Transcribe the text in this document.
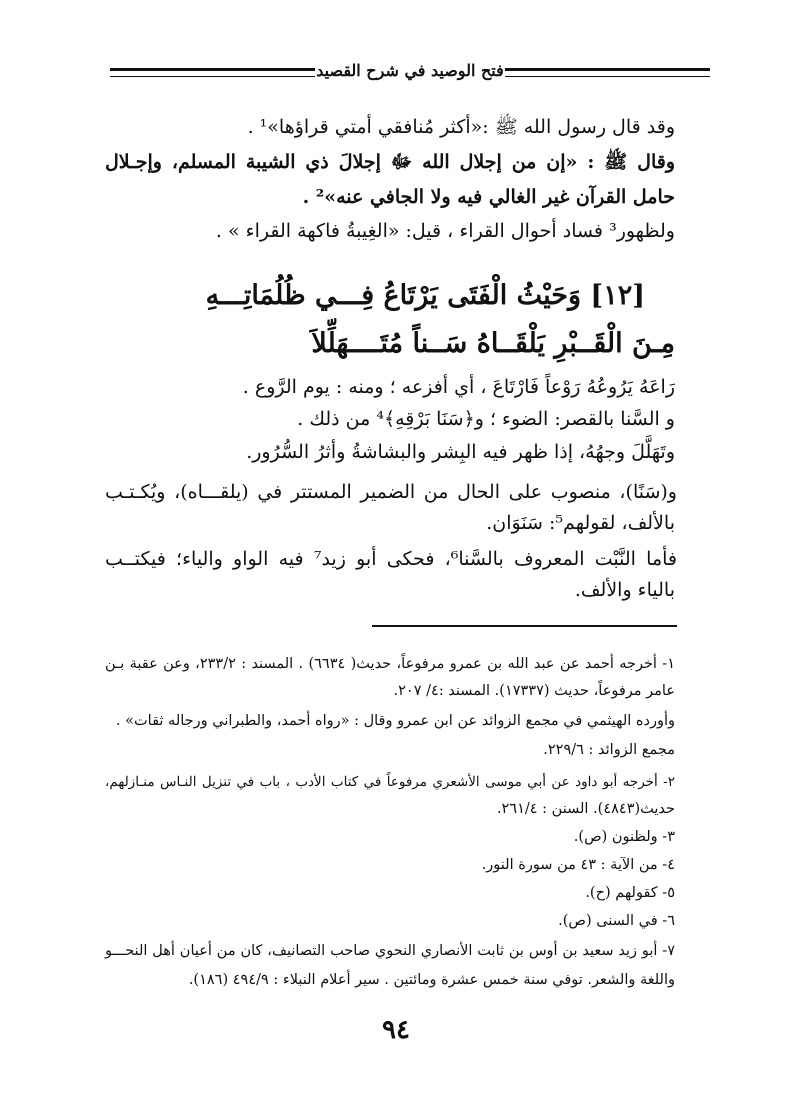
فتح الوصيد في شرح القصيد
وقد قال رسول الله ﷺ :«أكثر مُنافقي أمتي قراؤها»¹ .
وقال ﷺ : «إن من إجلال الله ﷻ إجلالَ ذي الشيبة المسلم، وإجـلال
حامل القرآن غير الغالي فيه ولا الجافي عنه»² .
ولظهور³ فساد أحوال القراء ، قيل: «الغِيبةُ فاكهة القراء » .
[١٢] وَحَيْثُ الْفَتَى يَرْتَاعُ فِـــي ظُلُمَاتِـــهِ
مِـنَ الْقَــبْرِ يَلْقَــاهُ سَــناً مُتَــــهَلِّلاَ
رَاعَهُ يَرُوعُهُ رَوْعاً فَارْتَاعَ ، أي أفزعه ؛ ومنه : يوم الرَّوع .
و السَّنا بالقصر: الضوء ؛ و﴿سَنَا بَرْقِهِ﴾⁴ من ذلك .
وتَهَلَّلَ وجهُهُ، إذا ظهر فيه البِشر والبشاشةُ وأثرُ السُّرُور.
و(سَنًا)، منصوب على الحال من الضمير المستتر في (يلقـــاه)، ويُكـتـب
بالألف، لقولهم⁵: سَنَوَان.
فأما النَّبْت المعروف بالسَّنا⁶، فحكى أبو زيد⁷ فيه الواو والياء؛ فيكتــب
بالياء والألف.
١- أخرجه أحمد عن عبد الله بن عمرو مرفوعاً، حديث( ٦٦٣٤) . المسند : ٢٣٣/٢، وعن عقبة بـن
عامر مرفوعاً، حديث (١٧٣٣٧). المسند :٤/ ٢٠٧.
وأورده الهيثمي في مجمع الزوائد عن ابن عمرو وقال : «رواه أحمد، والطبراني ورجاله ثقات» .
مجمع الزوائد : ٢٢٩/٦.
٢- أخرجه أبو داود عن أبي موسى الأشعري مرفوعاً في كتاب الأدب ، باب في تنزيل النـاس منـازلهم،
حديث(٤٨٤٣). السنن : ٢٦١/٤.
٣- ولظنون (ص).
٤- من الآية : ٤٣ من سورة النور.
٥- كقولهم (ح).
٦- في السنى (ص).
٧- أبو زيد سعيد بن أوس بن ثابت الأنصاري النحوي صاحب التصانيف، كان من أعيان أهل النحـــو
واللغة والشعر. توفي سنة خمس عشرة ومائتين . سير أعلام النبلاء : ٤٩٤/٩ (١٨٦).
٩٤
